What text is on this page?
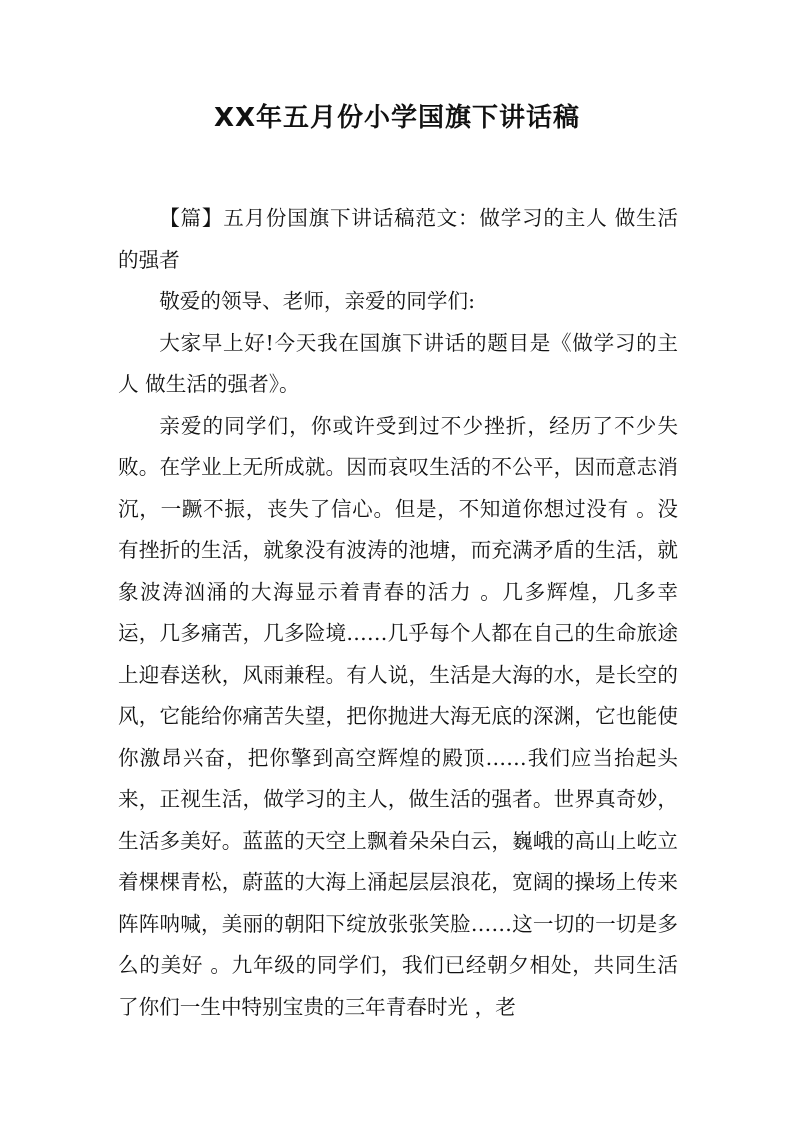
XX年五月份小学国旗下讲话稿

【篇】五月份国旗下讲话稿范文：做学习的主人 做生活的强者

敬爱的领导、老师，亲爱的同学们:

大家早上好!今天我在国旗下讲话的题目是《做学习的主人 做生活的强者》。

亲爱的同学们，你或许受到过不少挫折，经历了不少失败。在学业上无所成就。因而哀叹生活的不公平，因而意志消沉，一蹶不振，丧失了信心。但是，不知道你想过没有 。没有挫折的生活，就象没有波涛的池塘，而充满矛盾的生活，就象波涛汹涌的大海显示着青春的活力 。几多辉煌，几多幸运，几多痛苦，几多险境……几乎每个人都在自己的生命旅途上迎春送秋，风雨兼程。有人说，生活是大海的水，是长空的风，它能给你痛苦失望，把你抛进大海无底的深渊，它也能使你激昂兴奋，把你擎到高空辉煌的殿顶……我们应当抬起头来，正视生活，做学习的主人，做生活的强者。世界真奇妙，生活多美好。蓝蓝的天空上飘着朵朵白云，巍峨的高山上屹立着棵棵青松，蔚蓝的大海上涌起层层浪花，宽阔的操场上传来阵阵呐喊，美丽的朝阳下绽放张张笑脸……这一切的一切是多么的美好 。九年级的同学们，我们已经朝夕相处，共同生活了你们一生中特别宝贵的三年青春时光 ，老
